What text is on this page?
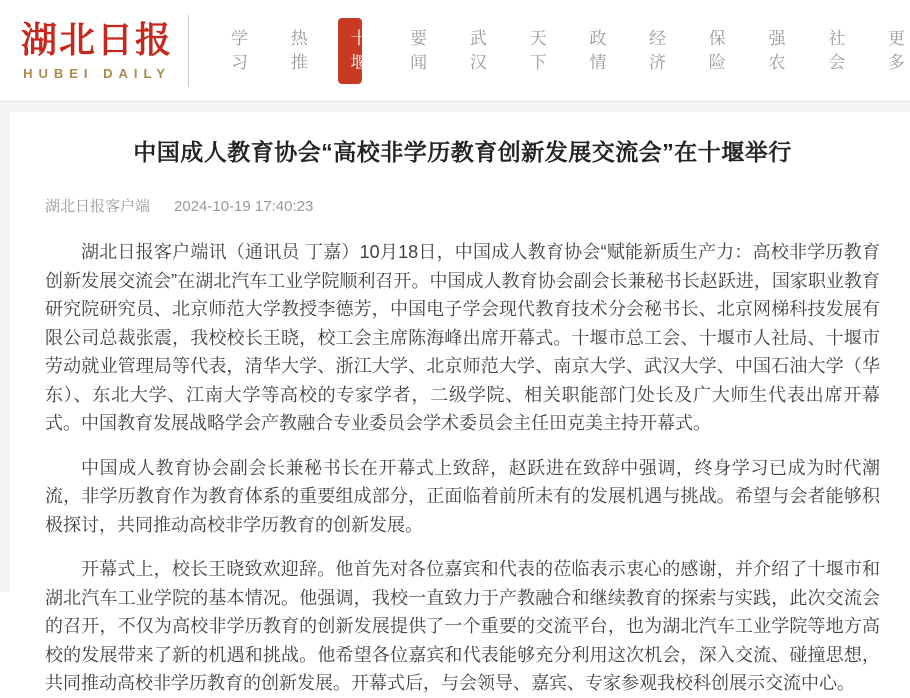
湖北日报
HUBEI DAILY
学习
热推
十堰
要闻
武汉
天下
政情
经济
保险
强农
社会
更多
中国成人教育协会“高校非学历教育创新发展交流会”在十堰举行
湖北日报客户端 2024-10-19 17:40:23

湖北日报客户端讯（通讯员 丁嘉）10月18日，中国成人教育协会“赋能新质生产力：高校非学历教育创新发展交流会”在湖北汽车工业学院顺利召开。中国成人教育协会副会长兼秘书长赵跃进，国家职业教育研究院研究员、北京师范大学教授李德芳，中国电子学会现代教育技术分会秘书长、北京网梯科技发展有限公司总裁张震，我校校长王晓，校工会主席陈海峰出席开幕式。十堰市总工会、十堰市人社局、十堰市劳动就业管理局等代表，清华大学、浙江大学、北京师范大学、南京大学、武汉大学、中国石油大学（华东）、东北大学、江南大学等高校的专家学者，二级学院、相关职能部门处长及广大师生代表出席开幕式。中国教育发展战略学会产教融合专业委员会学术委员会主任田克美主持开幕式。

中国成人教育协会副会长兼秘书长在开幕式上致辞，赵跃进在致辞中强调，终身学习已成为时代潮流，非学历教育作为教育体系的重要组成部分，正面临着前所未有的发展机遇与挑战。希望与会者能够积极探讨，共同推动高校非学历教育的创新发展。

开幕式上，校长王晓致欢迎辞。他首先对各位嘉宾和代表的莅临表示衷心的感谢，并介绍了十堰市和湖北汽车工业学院的基本情况。他强调，我校一直致力于产教融合和继续教育的探索与实践，此次交流会的召开，不仅为高校非学历教育的创新发展提供了一个重要的交流平台，也为湖北汽车工业学院等地方高校的发展带来了新的机遇和挑战。他希望各位嘉宾和代表能够充分利用这次机会，深入交流、碰撞思想，共同推动高校非学历教育的创新发展。开幕式后，与会领导、嘉宾、专家参观我校科创展示交流中心。
